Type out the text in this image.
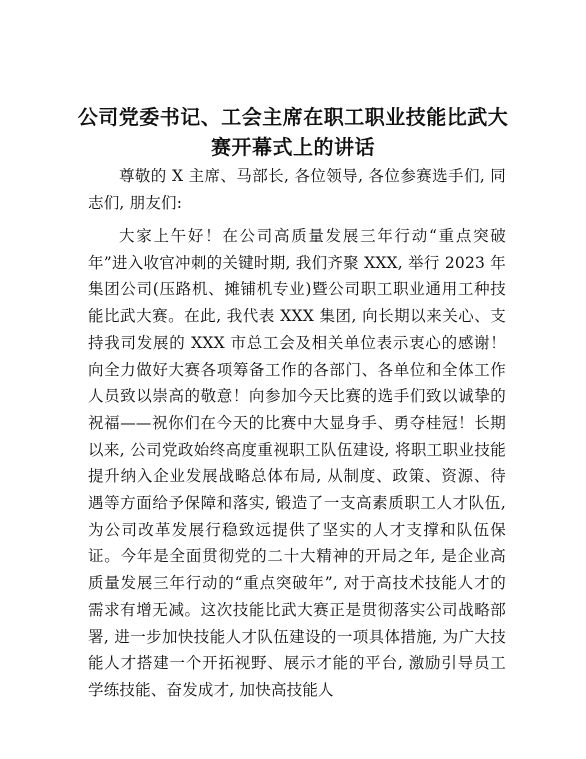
公司党委书记、工会主席在职工职业技能比武大赛开幕式上的讲话

尊敬的 X 主席、马部长, 各位领导, 各位参赛选手们, 同志们, 朋友们:

大家上午好！在公司高质量发展三年行动“重点突破年”进入收官冲刺的关键时期, 我们齐聚 XXX, 举行 2023 年集团公司(压路机、摊铺机专业)暨公司职工职业通用工种技能比武大赛。在此, 我代表 XXX 集团, 向长期以来关心、支持我司发展的 XXX 市总工会及相关单位表示衷心的感谢！向全力做好大赛各项筹备工作的各部门、各单位和全体工作人员致以崇高的敬意！向参加今天比赛的选手们致以诚挚的祝福——祝你们在今天的比赛中大显身手、勇夺桂冠！长期以来, 公司党政始终高度重视职工队伍建设, 将职工职业技能提升纳入企业发展战略总体布局, 从制度、政策、资源、待遇等方面给予保障和落实, 锻造了一支高素质职工人才队伍, 为公司改革发展行稳致远提供了坚实的人才支撑和队伍保证。今年是全面贯彻党的二十大精神的开局之年, 是企业高质量发展三年行动的“重点突破年”, 对于高技术技能人才的需求有增无减。这次技能比武大赛正是贯彻落实公司战略部署, 进一步加快技能人才队伍建设的一项具体措施, 为广大技能人才搭建一个开拓视野、展示才能的平台, 激励引导员工学练技能、奋发成才, 加快高技能人
